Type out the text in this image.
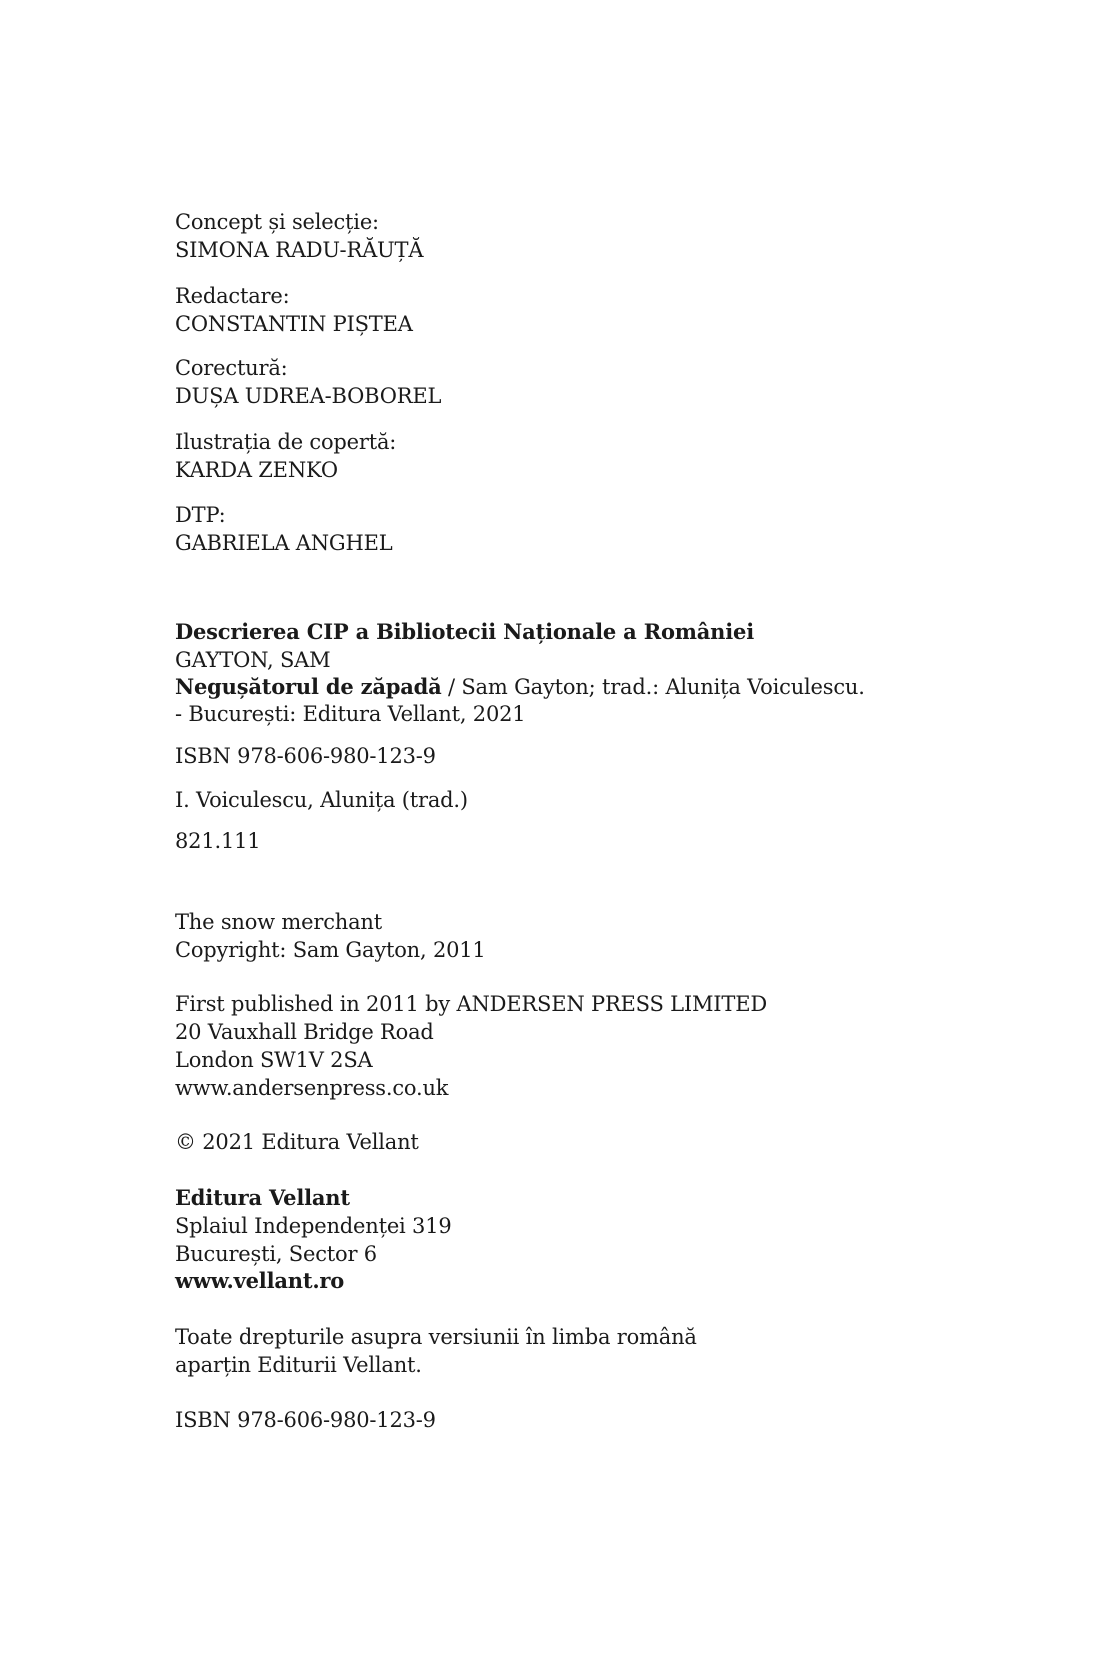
Concept și selecție:
SIMONA RADU-RĂUȚĂ
Redactare:
CONSTANTIN PIȘTEA
Corectură:
DUȘA UDREA-BOBOREL
Ilustrația de copertă:
KARDA ZENKO
DTP:
GABRIELA ANGHEL
Descrierea CIP a Bibliotecii Naționale a României
GAYTON, SAM
Negușătorul de zăpadă / Sam Gayton; trad.: Alunița Voiculescu.
- București: Editura Vellant, 2021
ISBN 978-606-980-123-9
I. Voiculescu, Alunița (trad.)
821.111
The snow merchant
Copyright: Sam Gayton, 2011
First published in 2011 by ANDERSEN PRESS LIMITED
20 Vauxhall Bridge Road
London SW1V 2SA
www.andersenpress.co.uk
© 2021 Editura Vellant
Editura Vellant
Splaiul Independenței 319
București, Sector 6
www.vellant.ro
Toate drepturile asupra versiunii în limba română
aparțin Editurii Vellant.
ISBN 978-606-980-123-9
